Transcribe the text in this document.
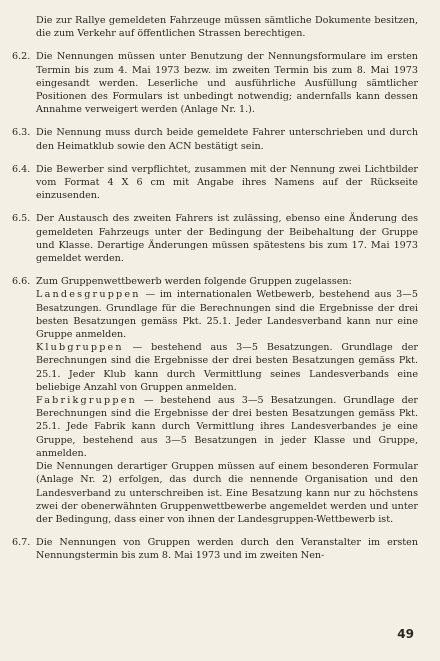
Die zur Rallye gemeldeten Fahrzeuge müssen sämtliche Dokumente besitzen, die zum Verkehr auf öffentlichen Strassen berechtigen.

6.2. Die Nennungen müssen unter Benutzung der Nennungsformulare im ersten Termin bis zum 4. Mai 1973 bezw. im zweiten Termin bis zum 8. Mai 1973 eingesandt werden. Leserliche und ausführliche Ausfüllung sämtlicher Positionen des Formulars ist unbedingt notwendig; andernfalls kann dessen Annahme verweigert werden (Anlage Nr. 1.).
6.3. Die Nennung muss durch beide gemeldete Fahrer unterschrieben und durch den Heimatklub sowie den ACN bestätigt sein.
6.4. Die Bewerber sind verpflichtet, zusammen mit der Nennung zwei Lichtbilder vom Format 4 X 6 cm mit Angabe ihres Namens auf der Rückseite einzusenden.
6.5. Der Austausch des zweiten Fahrers ist zulässing, ebenso eine Änderung des gemeldeten Fahrzeugs unter der Bedingung der Beibehaltung der Gruppe und Klasse. Derartige Änderungen müssen spätestens bis zum 17. Mai 1973 gemeldet werden.
6.6. Zum Gruppenwettbewerb werden folgende Gruppen zugelassen:

Landesgruppen — im internationalen Wetbewerb, bestehend aus 3—5 Besatzungen. Grundlage für die Berechnungen sind die Ergebnisse der drei besten Besatzungen gemäss Pkt. 25.1. Jeder Landesverband kann nur eine Gruppe anmelden.

Klubgruppen — bestehend aus 3—5 Besatzungen. Grundlage der Berechnungen sind die Ergebnisse der drei besten Besatzungen gemäss Pkt. 25.1. Jeder Klub kann durch Vermittlung seines Landesverbands eine beliebige Anzahl von Gruppen anmelden.

Fabrikgruppen — bestehend aus 3—5 Besatzungen. Grundlage der Berechnungen sind die Ergebnisse der drei besten Besatzungen gemäss Pkt. 25.1. Jede Fabrik kann durch Vermittlung ihres Landesverbandes je eine Gruppe, bestehend aus 3—5 Besatzungen in jeder Klasse und Gruppe, anmelden.

Die Nennungen derartiger Gruppen müssen auf einem besonderen Formular (Anlage Nr. 2) erfolgen, das durch die nennende Organisation und den Landesverband zu unterschreiben ist. Eine Besatzung kann nur zu höchstens zwei der obenerwähnten Gruppenwettbewerbe angemeldet werden und unter der Bedingung, dass einer von ihnen der Landesgruppen-Wettbewerb ist.

6.7. Die Nennungen von Gruppen werden durch den Veranstalter im ersten Nennungstermin bis zum 8. Mai 1973 und im zweiten Nen-
49
